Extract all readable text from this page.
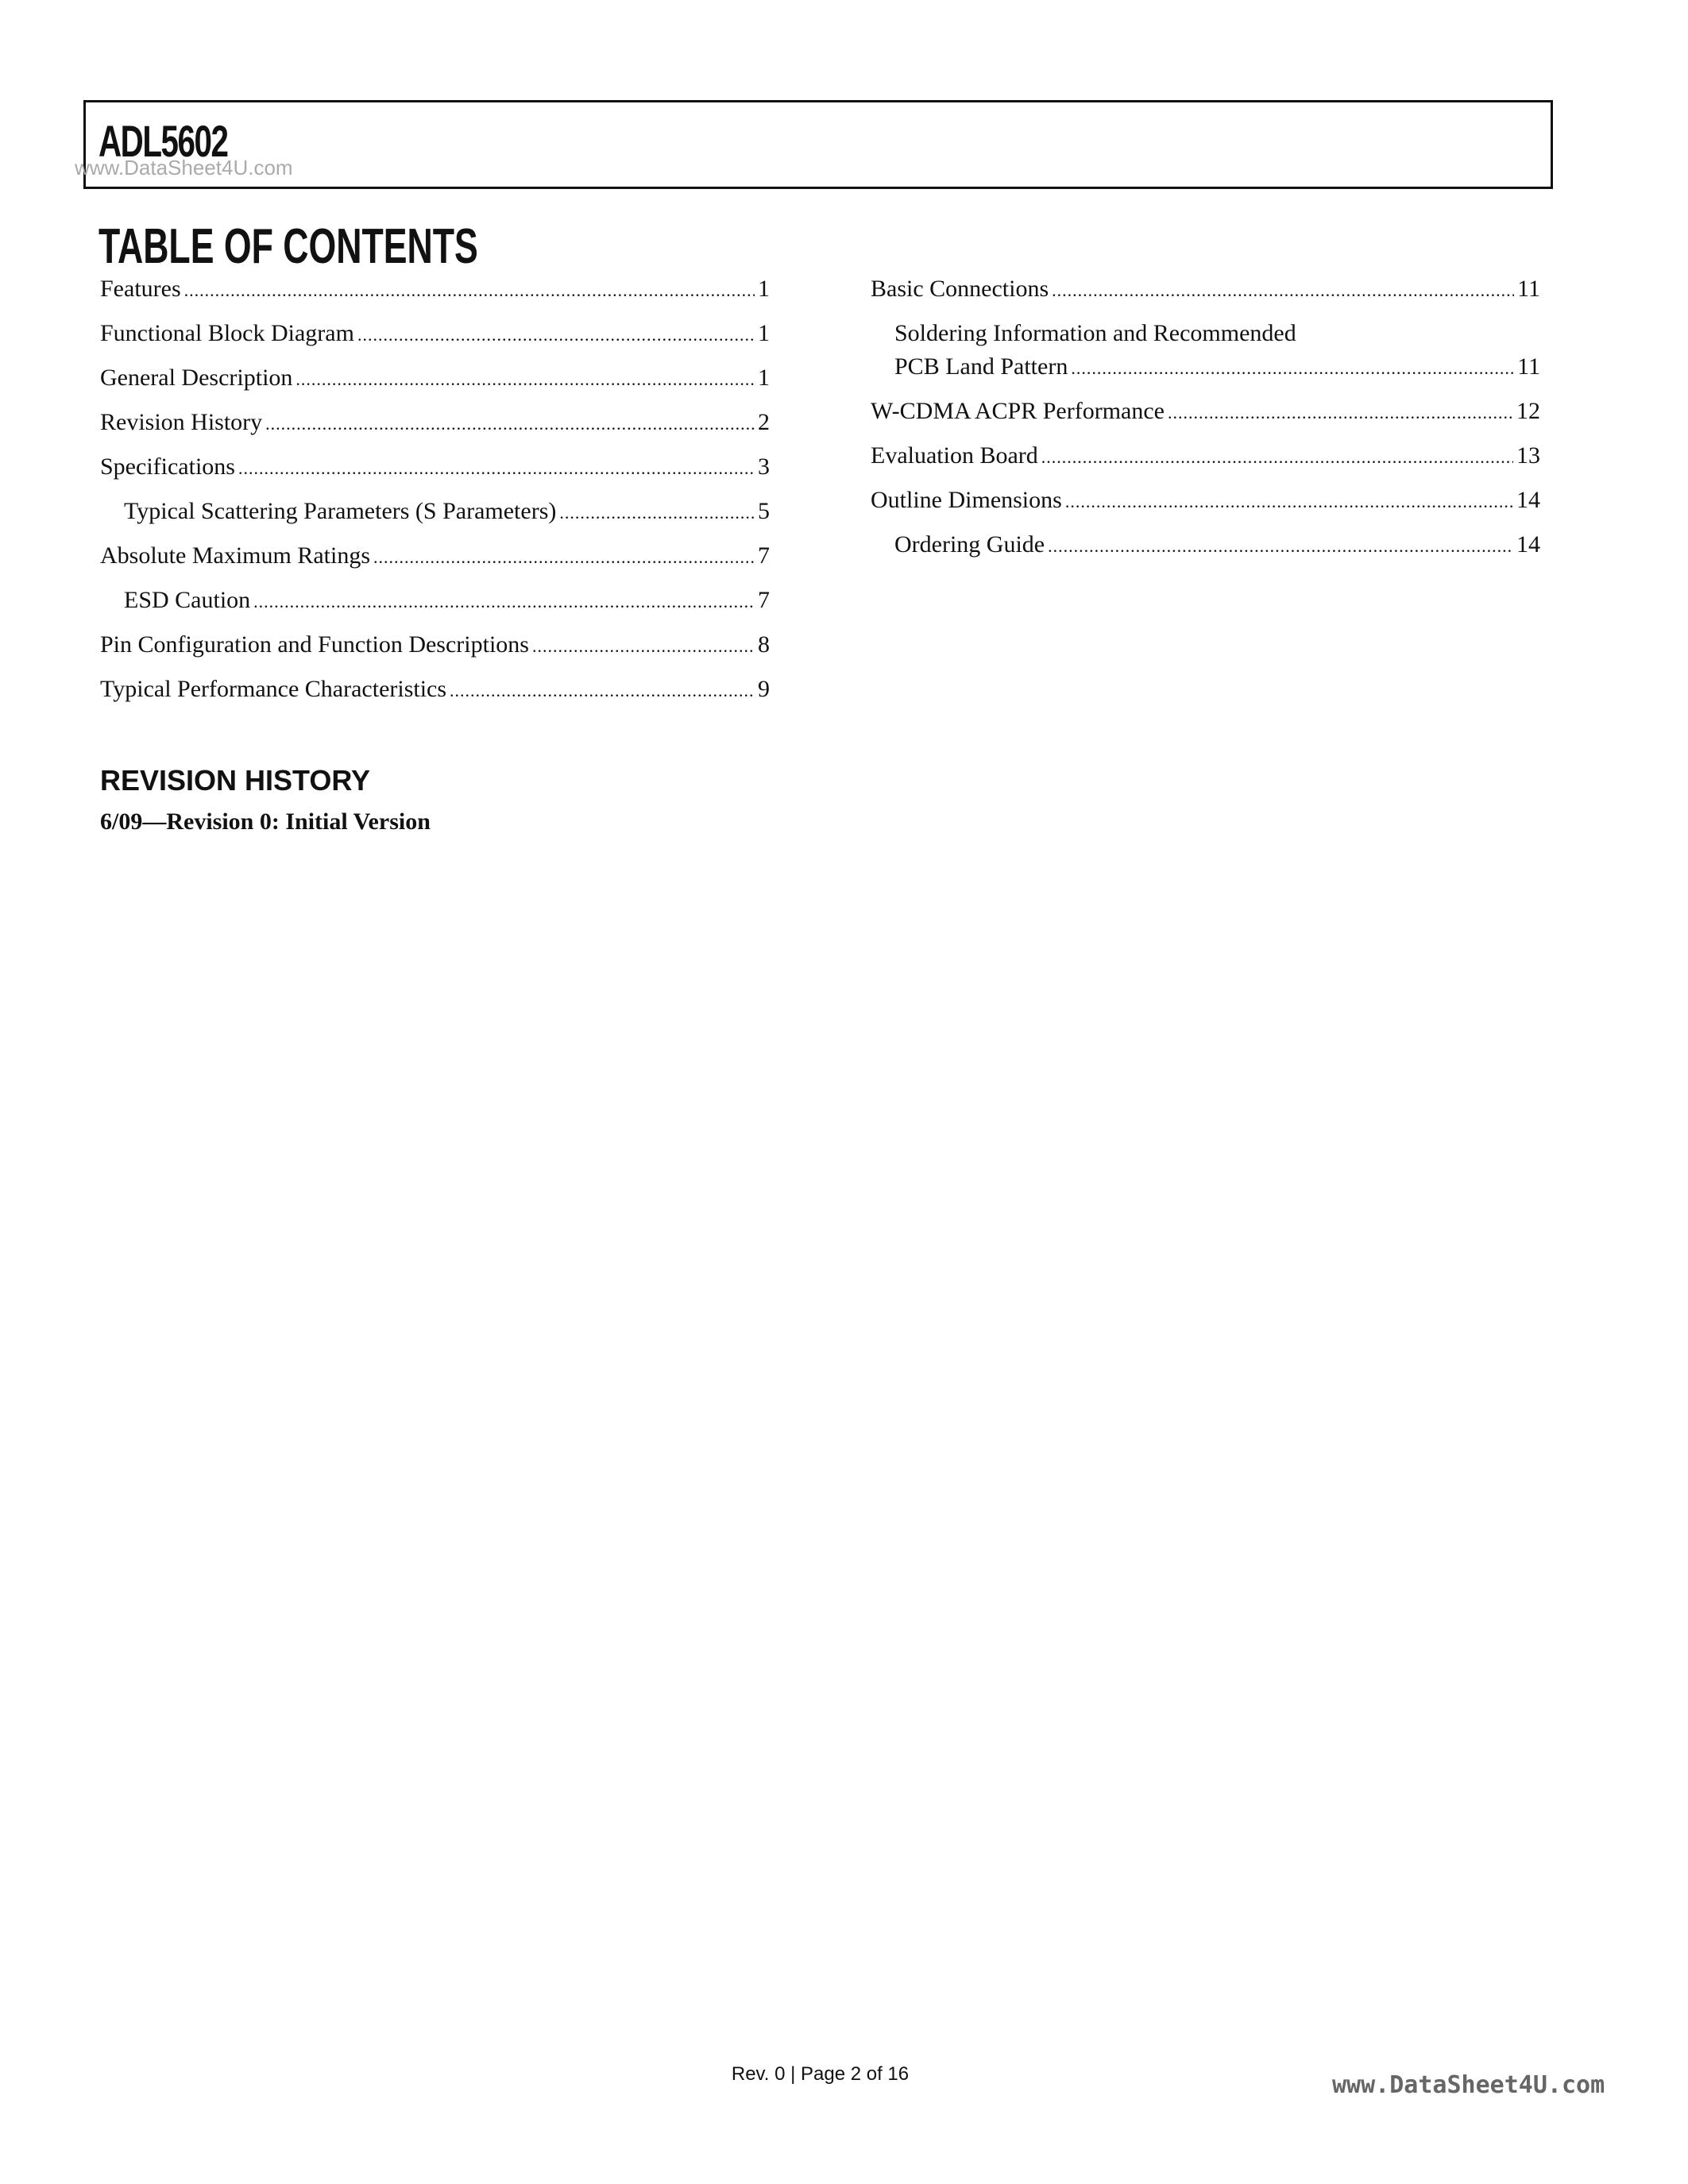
ADL5602
www.DataSheet4U.com
TABLE OF CONTENTS
Features .....	1
Functional Block Diagram .....	1
General Description .....	1
Revision History .....	2
Specifications .....	3
Typical Scattering Parameters (S Parameters) .....	5
Absolute Maximum Ratings .....	7
ESD Caution .....	7
Pin Configuration and Function Descriptions .....	8
Typical Performance Characteristics .....	9
Basic Connections .....	11
Soldering Information and Recommended
PCB Land Pattern .....	11
W-CDMA ACPR Performance .....	12
Evaluation Board .....	13
Outline Dimensions .....	14
Ordering Guide .....	14
REVISION HISTORY
6/09—Revision 0: Initial Version
Rev. 0 | Page 2 of 16	www.DataSheet4U.com
